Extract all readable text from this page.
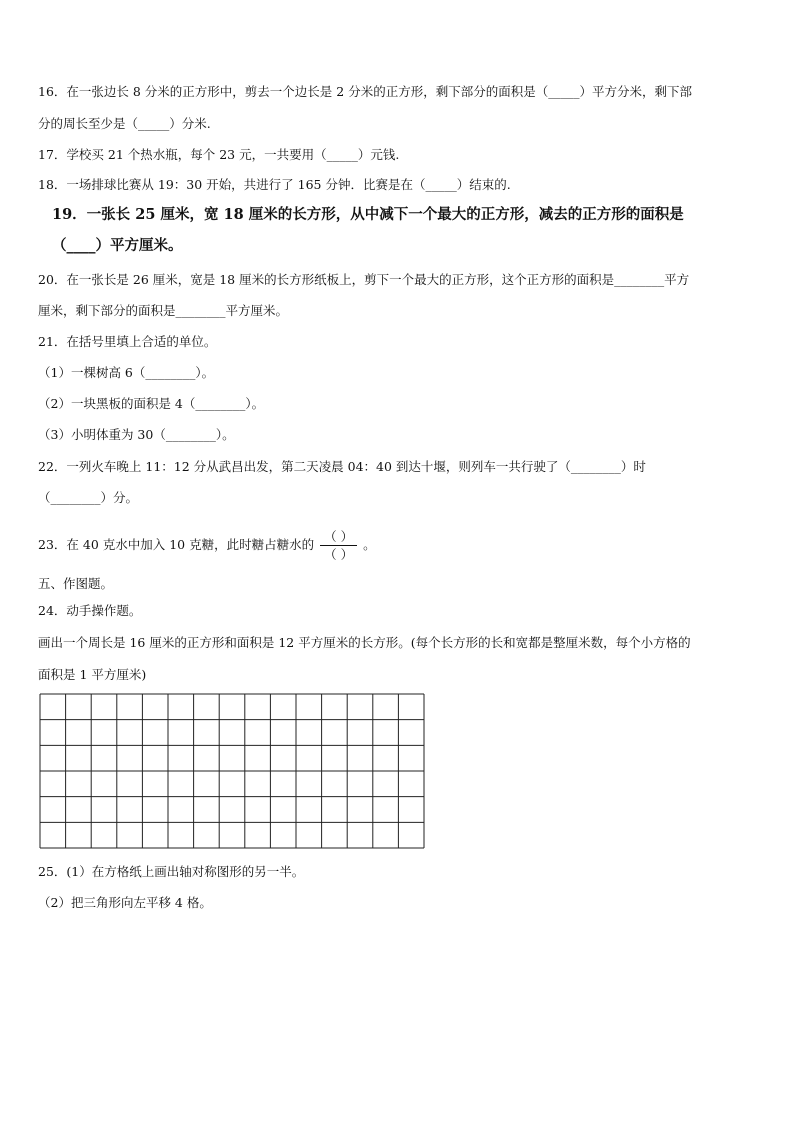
16．在一张边长 8 分米的正方形中，剪去一个边长是 2 分米的正方形，剩下部分的面积是（_____）平方分米，剩下部
分的周长至少是（_____）分米.
17．学校买 21 个热水瓶，每个 23 元，一共要用（_____）元钱.
18．一场排球比赛从 19：30 开始，共进行了 165 分钟．比赛是在（_____）结束的.
19．一张长 25 厘米，宽 18 厘米的长方形，从中减下一个最大的正方形，减去的正方形的面积是
（____）平方厘米。
20．在一张长是 26 厘米，宽是 18 厘米的长方形纸板上，剪下一个最大的正方形，这个正方形的面积是________平方
厘米，剩下部分的面积是________平方厘米。
21．在括号里填上合适的单位。
（1）一棵树高 6（________）。
（2）一块黑板的面积是 4（________）。
（3）小明体重为 30（________）。
22．一列火车晚上 11：12 分从武昌出发，第二天凌晨 04：40 到达十堰，则列车一共行驶了（________）时
（________）分。
23．在 40 克水中加入 10 克糖，此时糖占糖水的 $\frac{( )}{( )}$ 。
五、作图题。
24．动手操作题。
画出一个周长是 16 厘米的正方形和面积是 12 平方厘米的长方形。(每个长方形的长和宽都是整厘米数，每个小方格的
面积是 1 平方厘米)
25．(1）在方格纸上画出轴对称图形的另一半。
（2）把三角形向左平移 4 格。
